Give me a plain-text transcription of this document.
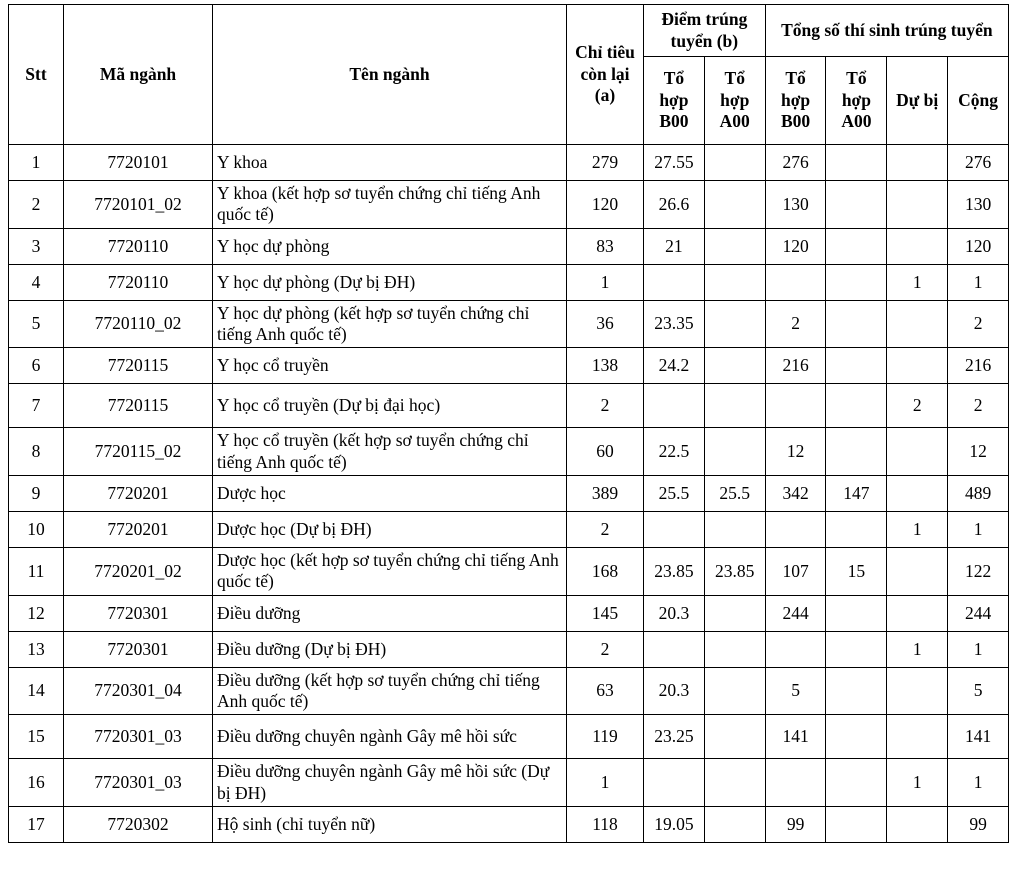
Stt	Mã ngành	Tên ngành	Chỉ tiêu còn lại (a)	Điểm trúng tuyển (b)		Tổng số thí sinh trúng tuyển			
				Tổ hợp B00	Tổ hợp A00	Tổ hợp B00	Tổ hợp A00	Dự bị	Cộng
1	7720101	Y khoa	279	27.55		276			276
2	7720101_02	Y khoa (kết hợp sơ tuyển chứng chỉ tiếng Anh quốc tế)	120	26.6		130			130
3	7720110	Y học dự phòng	83	21		120			120
4	7720110	Y học dự phòng (Dự bị ĐH)	1					1	1
5	7720110_02	Y học dự phòng (kết hợp sơ tuyển chứng chỉ tiếng Anh quốc tế)	36	23.35		2			2
6	7720115	Y học cổ truyền	138	24.2		216			216
7	7720115	Y học cổ truyền (Dự bị đại học)	2					2	2
8	7720115_02	Y học cổ truyền (kết hợp sơ tuyển chứng chỉ tiếng Anh quốc tế)	60	22.5		12			12
9	7720201	Dược học	389	25.5	25.5	342	147		489
10	7720201	Dược học (Dự bị ĐH)	2					1	1
11	7720201_02	Dược học (kết hợp sơ tuyển chứng chỉ tiếng Anh quốc tế)	168	23.85	23.85	107	15		122
12	7720301	Điều dưỡng	145	20.3		244			244
13	7720301	Điều dưỡng (Dự bị ĐH)	2					1	1
14	7720301_04	Điều dưỡng (kết hợp sơ tuyển chứng chỉ tiếng Anh quốc tế)	63	20.3		5			5
15	7720301_03	Điều dưỡng chuyên ngành Gây mê hồi sức	119	23.25		141			141
16	7720301_03	Điều dưỡng chuyên ngành Gây mê hồi sức (Dự bị ĐH)	1					1	1
17	7720302	Hộ sinh (chỉ tuyển nữ)	118	19.05		99			99
